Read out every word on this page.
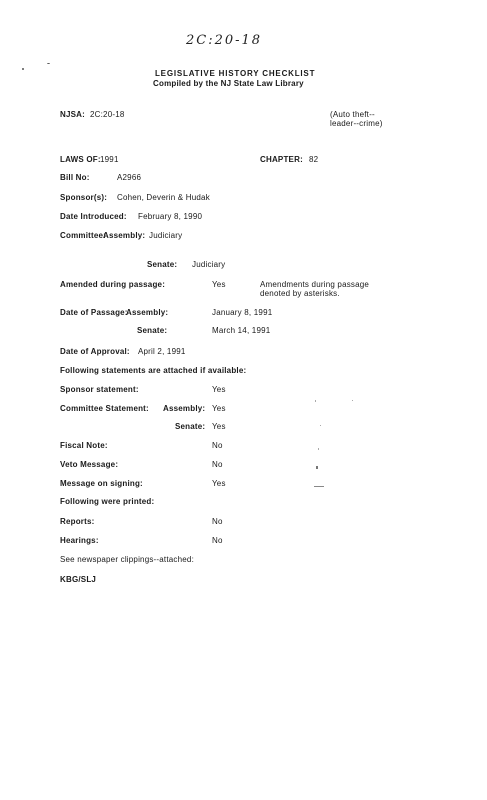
2C:20-18
LEGISLATIVE HISTORY CHECKLIST
Compiled by the NJ State Law Library
NJSA: 2C:20-18	(Auto theft--
leader--crime)
LAWS OF: 1991	CHAPTER: 82
Bill No:	A2966
Sponsor(s): Cohen, Deverin & Hudak
Date Introduced: February 8, 1990
Committee:
Assembly: Judiciary
Senate: Judiciary
Amended during passage:	Yes	Amendments during passage
denoted by asterisks.
Date of Passage:
Assembly:	January 8, 1991
Senate:	March 14, 1991
Date of Approval: April 2, 1991
Following statements are attached if available:
Sponsor statement:	Yes
Committee Statement: Assembly: Yes
Senate: Yes
Fiscal Note:	No
Veto Message:	No
Message on signing:	Yes
Following were printed:
Reports:	No
Hearings:	No
See newspaper clippings--attached:
KBG/SLJ
